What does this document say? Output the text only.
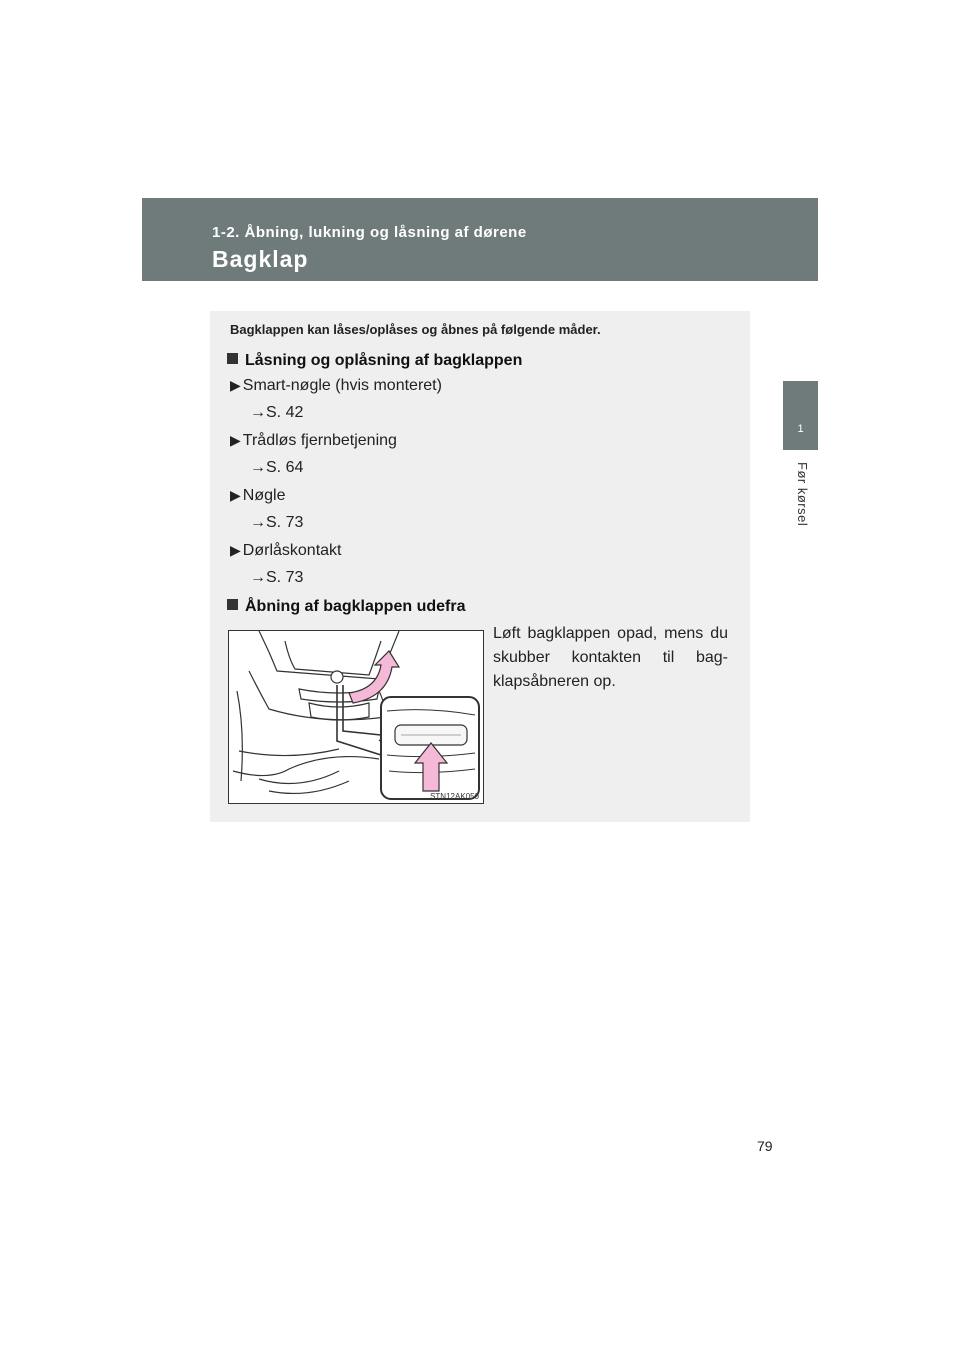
1-2. Åbning, lukning og låsning af dørene
Bagklap
1
Før kørsel
Bagklappen kan låses/oplåses og åbnes på følgende måder.
Låsning og oplåsning af bagklappen
▶ Smart-nøgle (hvis monteret)
→S. 42
▶ Trådløs fjernbetjening
→S. 64
▶ Nøgle
→S. 73
▶ Dørlåskontakt
→S. 73
Åbning af bagklappen udefra
STN12AK050
Løft bagklappen opad, mens du skubber kontakten til bag-klapsåbneren op.
79
